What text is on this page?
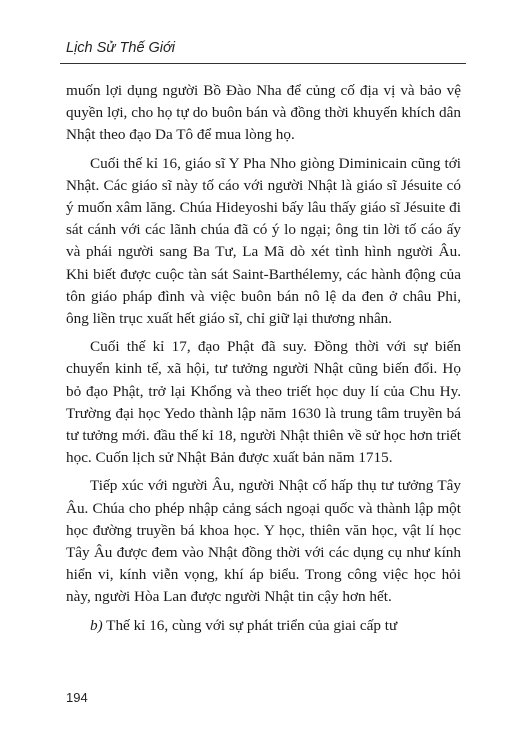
Lịch Sử Thế Giới

muốn lợi dụng người Bồ Đào Nha để củng cố địa vị và bảo vệ quyền lợi, cho họ tự do buôn bán và đồng thời khuyến khích dân Nhật theo đạo Da Tô để mua lòng họ.

Cuối thế kỉ 16, giáo sĩ Y Pha Nho giòng Diminicain cũng tới Nhật. Các giáo sĩ này tố cáo với người Nhật là giáo sĩ Jésuite có ý muốn xâm lăng. Chúa Hideyoshi bấy lâu thấy giáo sĩ Jésuite đi sát cánh với các lãnh chúa đã có ý lo ngại; ông tin lời tố cáo ấy và phái người sang Ba Tư, La Mã dò xét tình hình người Âu. Khi biết được cuộc tàn sát Saint-Barthélemy, các hành động của tôn giáo pháp đình và việc buôn bán nô lệ da đen ở châu Phi, ông liền trục xuất hết giáo sĩ, chỉ giữ lại thương nhân.

Cuối thế kỉ 17, đạo Phật đã suy. Đồng thời với sự biến chuyển kinh tế, xã hội, tư tưởng người Nhật cũng biến đổi. Họ bỏ đạo Phật, trở lại Khổng và theo triết học duy lí của Chu Hy. Trường đại học Yedo thành lập năm 1630 là trung tâm truyền bá tư tưởng mới. đầu thế kỉ 18, người Nhật thiên về sử học hơn triết học. Cuốn lịch sử Nhật Bản được xuất bản năm 1715.

Tiếp xúc với người Âu, người Nhật cố hấp thụ tư tưởng Tây Âu. Chúa cho phép nhập cảng sách ngoại quốc và thành lập một học đường truyền bá khoa học. Y học, thiên văn học, vật lí học Tây Âu được đem vào Nhật đồng thời với các dụng cụ như kính hiển vi, kính viễn vọng, khí áp biểu. Trong công việc học hỏi này, người Hòa Lan được người Nhật tin cậy hơn hết.

b) Thế kỉ 16, cùng với sự phát triển của giai cấp tư

194
